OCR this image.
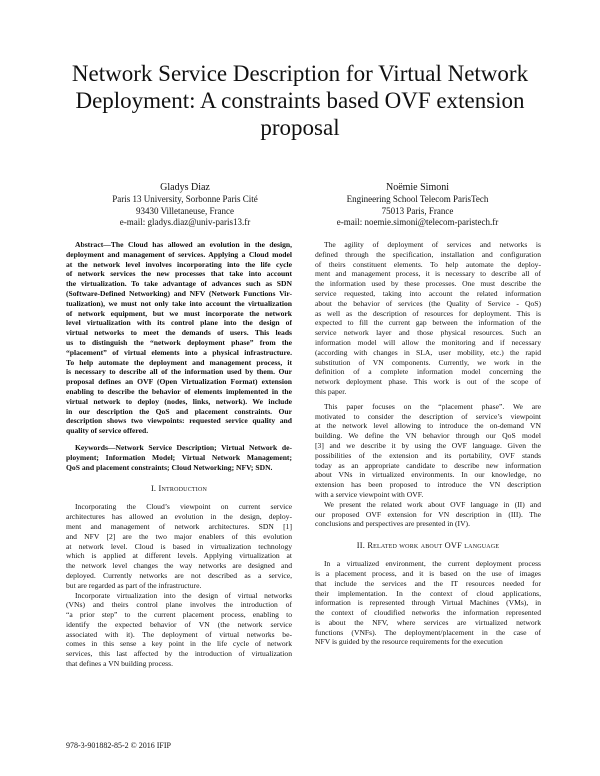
Network Service Description for Virtual Network
Deployment: A constraints based OVF extension
proposal
Gladys Diaz
Paris 13 University, Sorbonne Paris Cité
93430 Villetaneuse, France
e-mail: gladys.diaz@univ-paris13.fr
Noëmie Simoni
Engineering School Telecom ParisTech
75013 Paris, France
e-mail: noemie.simoni@telecom-paristech.fr
Abstract—The Cloud has allowed an evolution in the design,
deployment and management of services. Applying a Cloud model
at the network level involves incorporating into the life cycle
of network services the new processes that take into account
the virtualization. To take advantage of advances such as SDN
(Software-Defined Networking) and NFV (Network Functions Vir-
tualization), we must not only take into account the virtualization
of network equipment, but we must incorporate the network
level virtualization with its control plane into the design of
virtual networks to meet the demands of users. This leads
us to distinguish the “network deployment phase” from the
“placement” of virtual elements into a physical infrastructure.
To help automate the deployment and management process, it
is necessary to describe all of the information used by them. Our
proposal defines an OVF (Open Virtualization Format) extension
enabling to describe the behavior of elements implemented in the
virtual network to deploy (nodes, links, network). We include
in our description the QoS and placement constraints. Our
description shows two viewpoints: requested service quality and
quality of service offered.
Keywords—Network Service Description; Virtual Network de-
ployment; Information Model; Virtual Network Management;
QoS and placement constraints; Cloud Networking; NFV; SDN.
I. Introduction
Incorporating the Cloud’s viewpoint on current service
architectures has allowed an evolution in the design, deploy-
ment and management of network architectures. SDN [1]
and NFV [2] are the two major enablers of this evolution
at network level. Cloud is based in virtualization technology
which is applied at different levels. Applying virtualization at
the network level changes the way networks are designed and
deployed. Currently networks are not described as a service,
but are regarded as part of the infrastructure.
Incorporate virtualization into the design of virtual networks
(VNs) and theirs control plane involves the introduction of
“a prior step” to the current placement process, enabling to
identify the expected behavior of VN (the network service
associated with it). The deployment of virtual networks be-
comes in this sense a key point in the life cycle of network
services, this last affected by the introduction of virtualization
that defines a VN building process.
The agility of deployment of services and networks is
defined through the specification, installation and configuration
of theirs constituent elements. To help automate the deploy-
ment and management process, it is necessary to describe all of
the information used by these processes. One must describe the
service requested, taking into account the related information
about the behavior of services (the Quality of Service - QoS)
as well as the description of resources for deployment. This is
expected to fill the current gap between the information of the
service network layer and those physical resources. Such an
information model will allow the monitoring and if necessary
(according with changes in SLA, user mobility, etc.) the rapid
substitution of VN components. Currently, we work in the
definition of a complete information model concerning the
network deployment phase. This work is out of the scope of
this paper.
This paper focuses on the “placement phase”. We are
motivated to consider the description of service’s viewpoint
at the network level allowing to introduce the on-demand VN
building. We define the VN behavior through our QoS model
[3] and we describe it by using the OVF language. Given the
possibilities of the extension and its portability, OVF stands
today as an appropriate candidate to describe new information
about VNs in virtualized environments. In our knowledge, no
extension has been proposed to introduce the VN description
with a service viewpoint with OVF.
We present the related work about OVF language in (II) and
our proposed OVF extension for VN description in (III). The
conclusions and perspectives are presented in (IV).
II. Related work about OVF language
In a virtualized environment, the current deployment process
is a placement process, and it is based on the use of images
that include the services and the IT resources needed for
their implementation. In the context of cloud applications,
information is represented through Virtual Machines (VMs), in
the context of cloudified networks the information represented
is about the NFV, where services are virtualized network
functions (VNFs). The deployment/placement in the case of
NFV is guided by the resource requirements for the execution
978-3-901882-85-2 © 2016 IFIP
